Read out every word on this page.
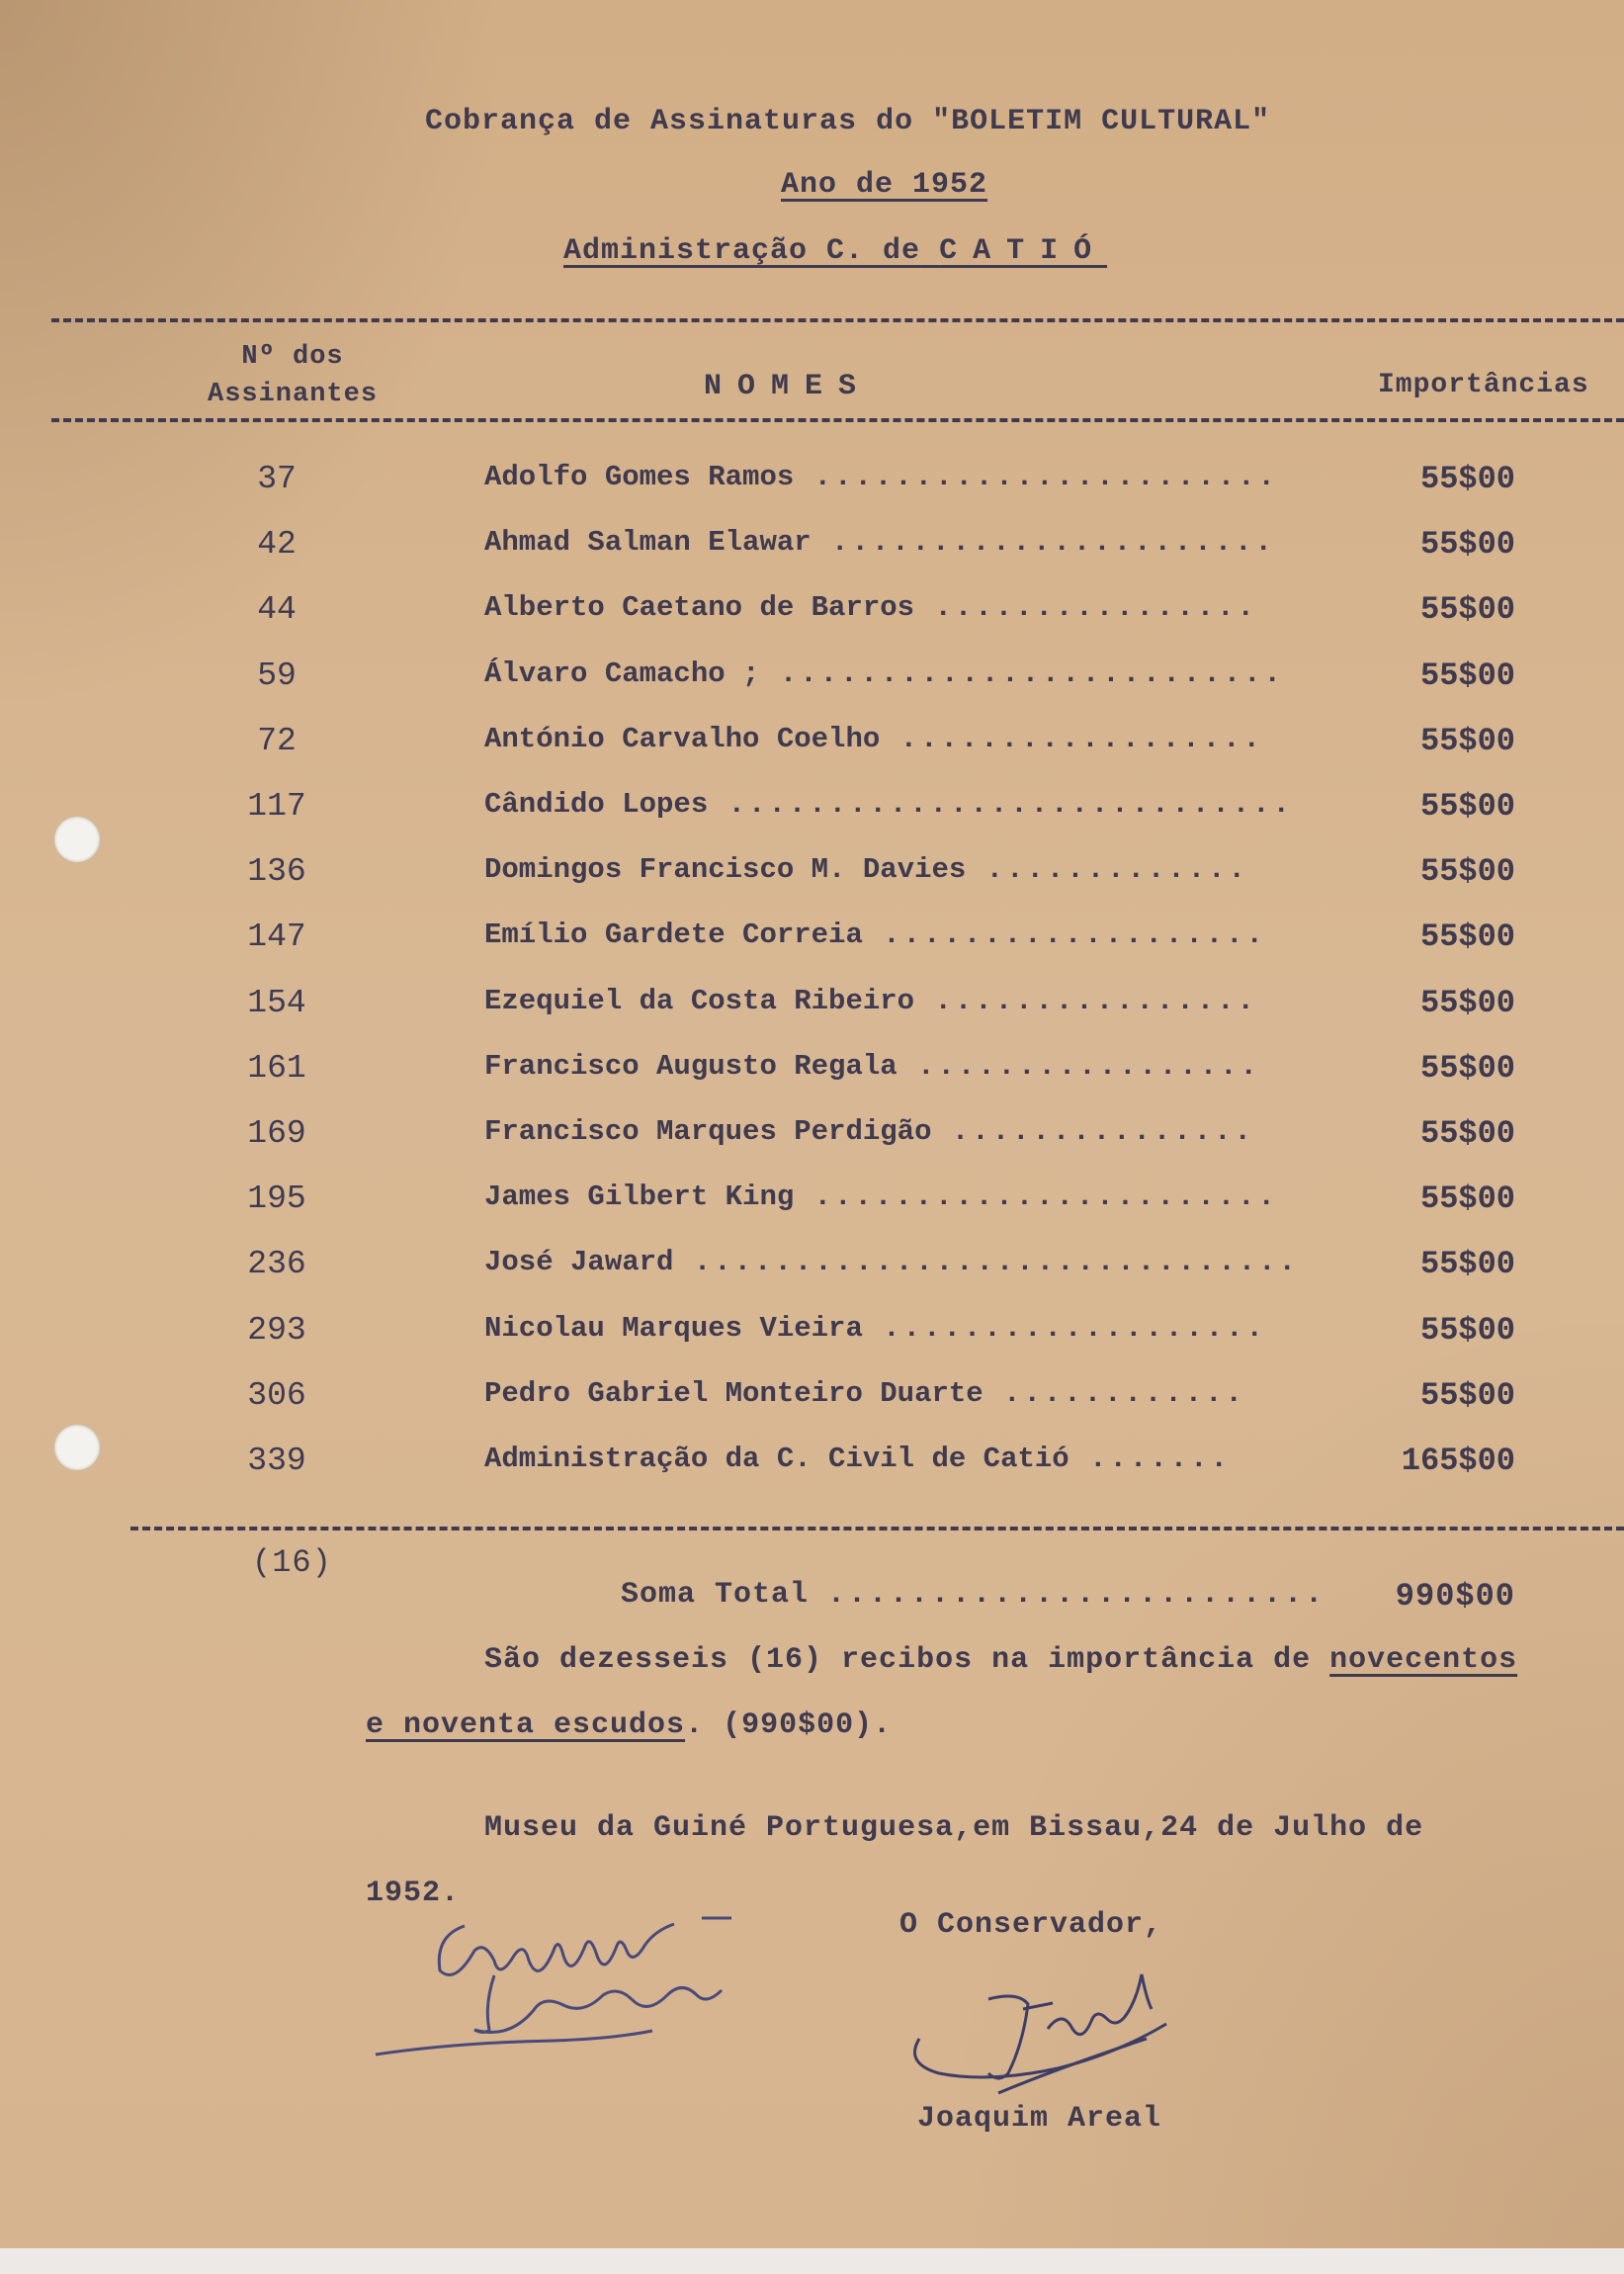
Cobrança de Assinaturas do "BOLETIM CULTURAL"
Ano de 1952
Administração C. de CATIÓ
Nº dos
Assinantes	NOMES	Importâncias
37	Adolfo Gomes Ramos .......................	55$00
42	Ahmad Salman Elawar ......................	55$00
44	Alberto Caetano de Barros ................	55$00
59	Álvaro Camacho ; .........................	55$00
72	António Carvalho Coelho ..................	55$00
117	Cândido Lopes ............................	55$00
136	Domingos Francisco M. Davies .............	55$00
147	Emílio Gardete Correia ...................	55$00
154	Ezequiel da Costa Ribeiro ................	55$00
161	Francisco Augusto Regala .................	55$00
169	Francisco Marques Perdigão ...............	55$00
195	James Gilbert King .......................	55$00
236	José Jaward ..............................	55$00
293	Nicolau Marques Vieira ...................	55$00
306	Pedro Gabriel Monteiro Duarte ............	55$00
339	Administração da C. Civil de Catió .......	165$00
(16)
Soma Total ........................	990$00
São dezesseis (16) recibos na importância de novecentos
e noventa escudos. (990$00).
Museu da Guiné Portuguesa,em Bissau,24 de Julho de
1952.
O Conservador,
Joaquim Areal
